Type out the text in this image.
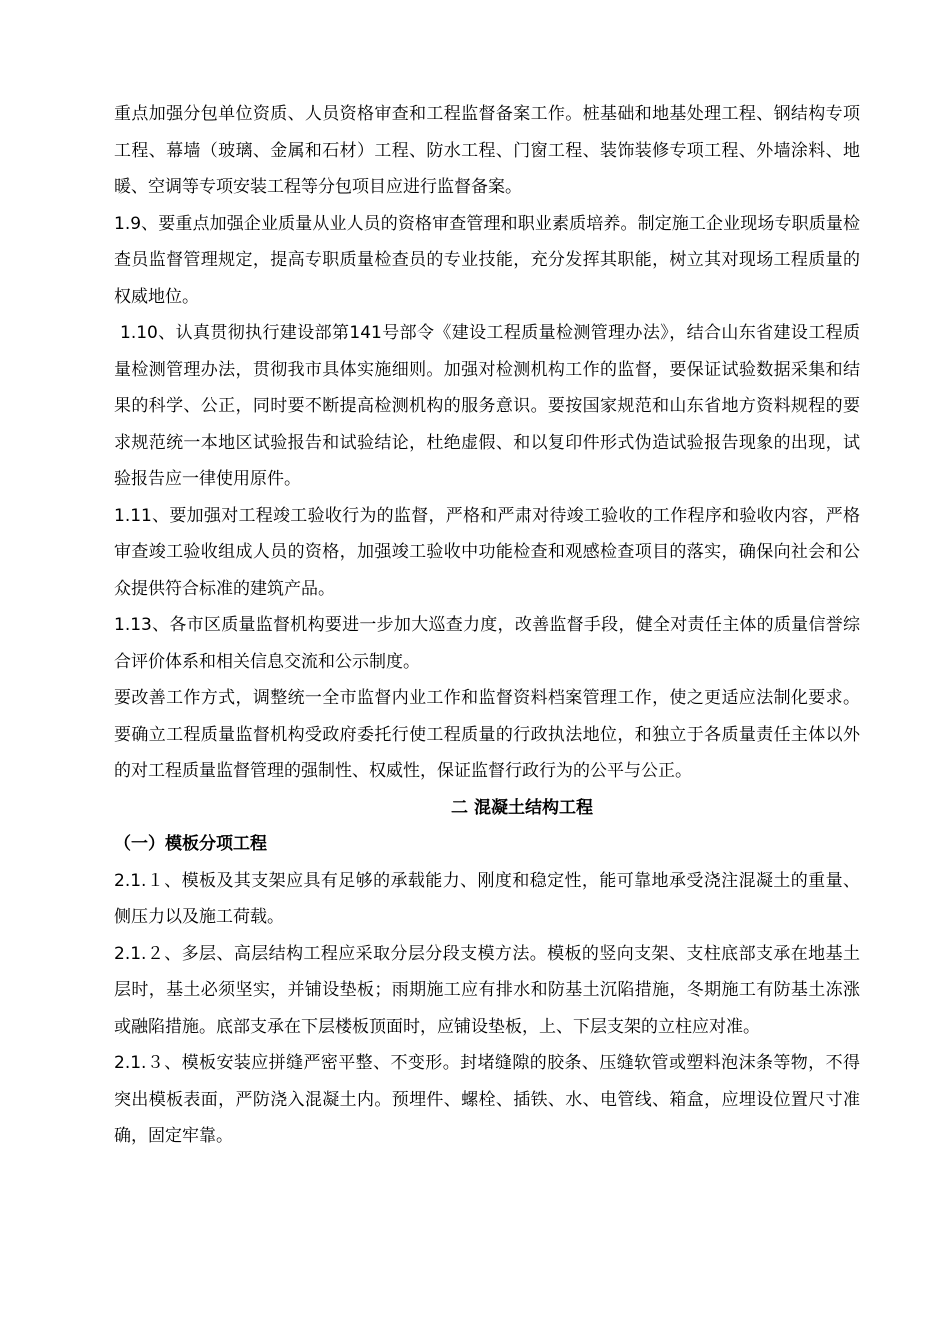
重点加强分包单位资质、人员资格审查和工程监督备案工作。桩基础和地基处理工程、钢结构专项工程、幕墙（玻璃、金属和石材）工程、防水工程、门窗工程、装饰装修专项工程、外墙涂料、地暖、空调等专项安装工程等分包项目应进行监督备案。

1.9、要重点加强企业质量从业人员的资格审查管理和职业素质培养。制定施工企业现场专职质量检查员监督管理规定，提高专职质量检查员的专业技能，充分发挥其职能，树立其对现场工程质量的权威地位。

1.10、认真贯彻执行建设部第141号部令《建设工程质量检测管理办法》，结合山东省建设工程质量检测管理办法，贯彻我市具体实施细则。加强对检测机构工作的监督，要保证试验数据采集和结果的科学、公正，同时要不断提高检测机构的服务意识。要按国家规范和山东省地方资料规程的要求规范统一本地区试验报告和试验结论，杜绝虚假、和以复印件形式伪造试验报告现象的出现，试验报告应一律使用原件。

1.11、要加强对工程竣工验收行为的监督，严格和严肃对待竣工验收的工作程序和验收内容，严格审查竣工验收组成人员的资格，加强竣工验收中功能检查和观感检查项目的落实，确保向社会和公众提供符合标准的建筑产品。

1.13、各市区质量监督机构要进一步加大巡查力度，改善监督手段，健全对责任主体的质量信誉综合评价体系和相关信息交流和公示制度。

要改善工作方式，调整统一全市监督内业工作和监督资料档案管理工作，使之更适应法制化要求。要确立工程质量监督机构受政府委托行使工程质量的行政执法地位，和独立于各质量责任主体以外的对工程质量监督管理的强制性、权威性，保证监督行政行为的公平与公正。

二 混凝土结构工程

（一）模板分项工程

2.1.１、模板及其支架应具有足够的承载能力、刚度和稳定性，能可靠地承受浇注混凝土的重量、侧压力以及施工荷载。

2.1.２、多层、高层结构工程应采取分层分段支模方法。模板的竖向支架、支柱底部支承在地基土层时，基土必须坚实，并铺设垫板；雨期施工应有排水和防基土沉陷措施，冬期施工有防基土冻涨或融陷措施。底部支承在下层楼板顶面时，应铺设垫板，上、下层支架的立柱应对准。

2.1.３、模板安装应拼缝严密平整、不变形。封堵缝隙的胶条、压缝软管或塑料泡沫条等物，不得突出模板表面，严防浇入混凝土内。预埋件、螺栓、插铁、水、电管线、箱盒，应埋设位置尺寸准确，固定牢靠。
